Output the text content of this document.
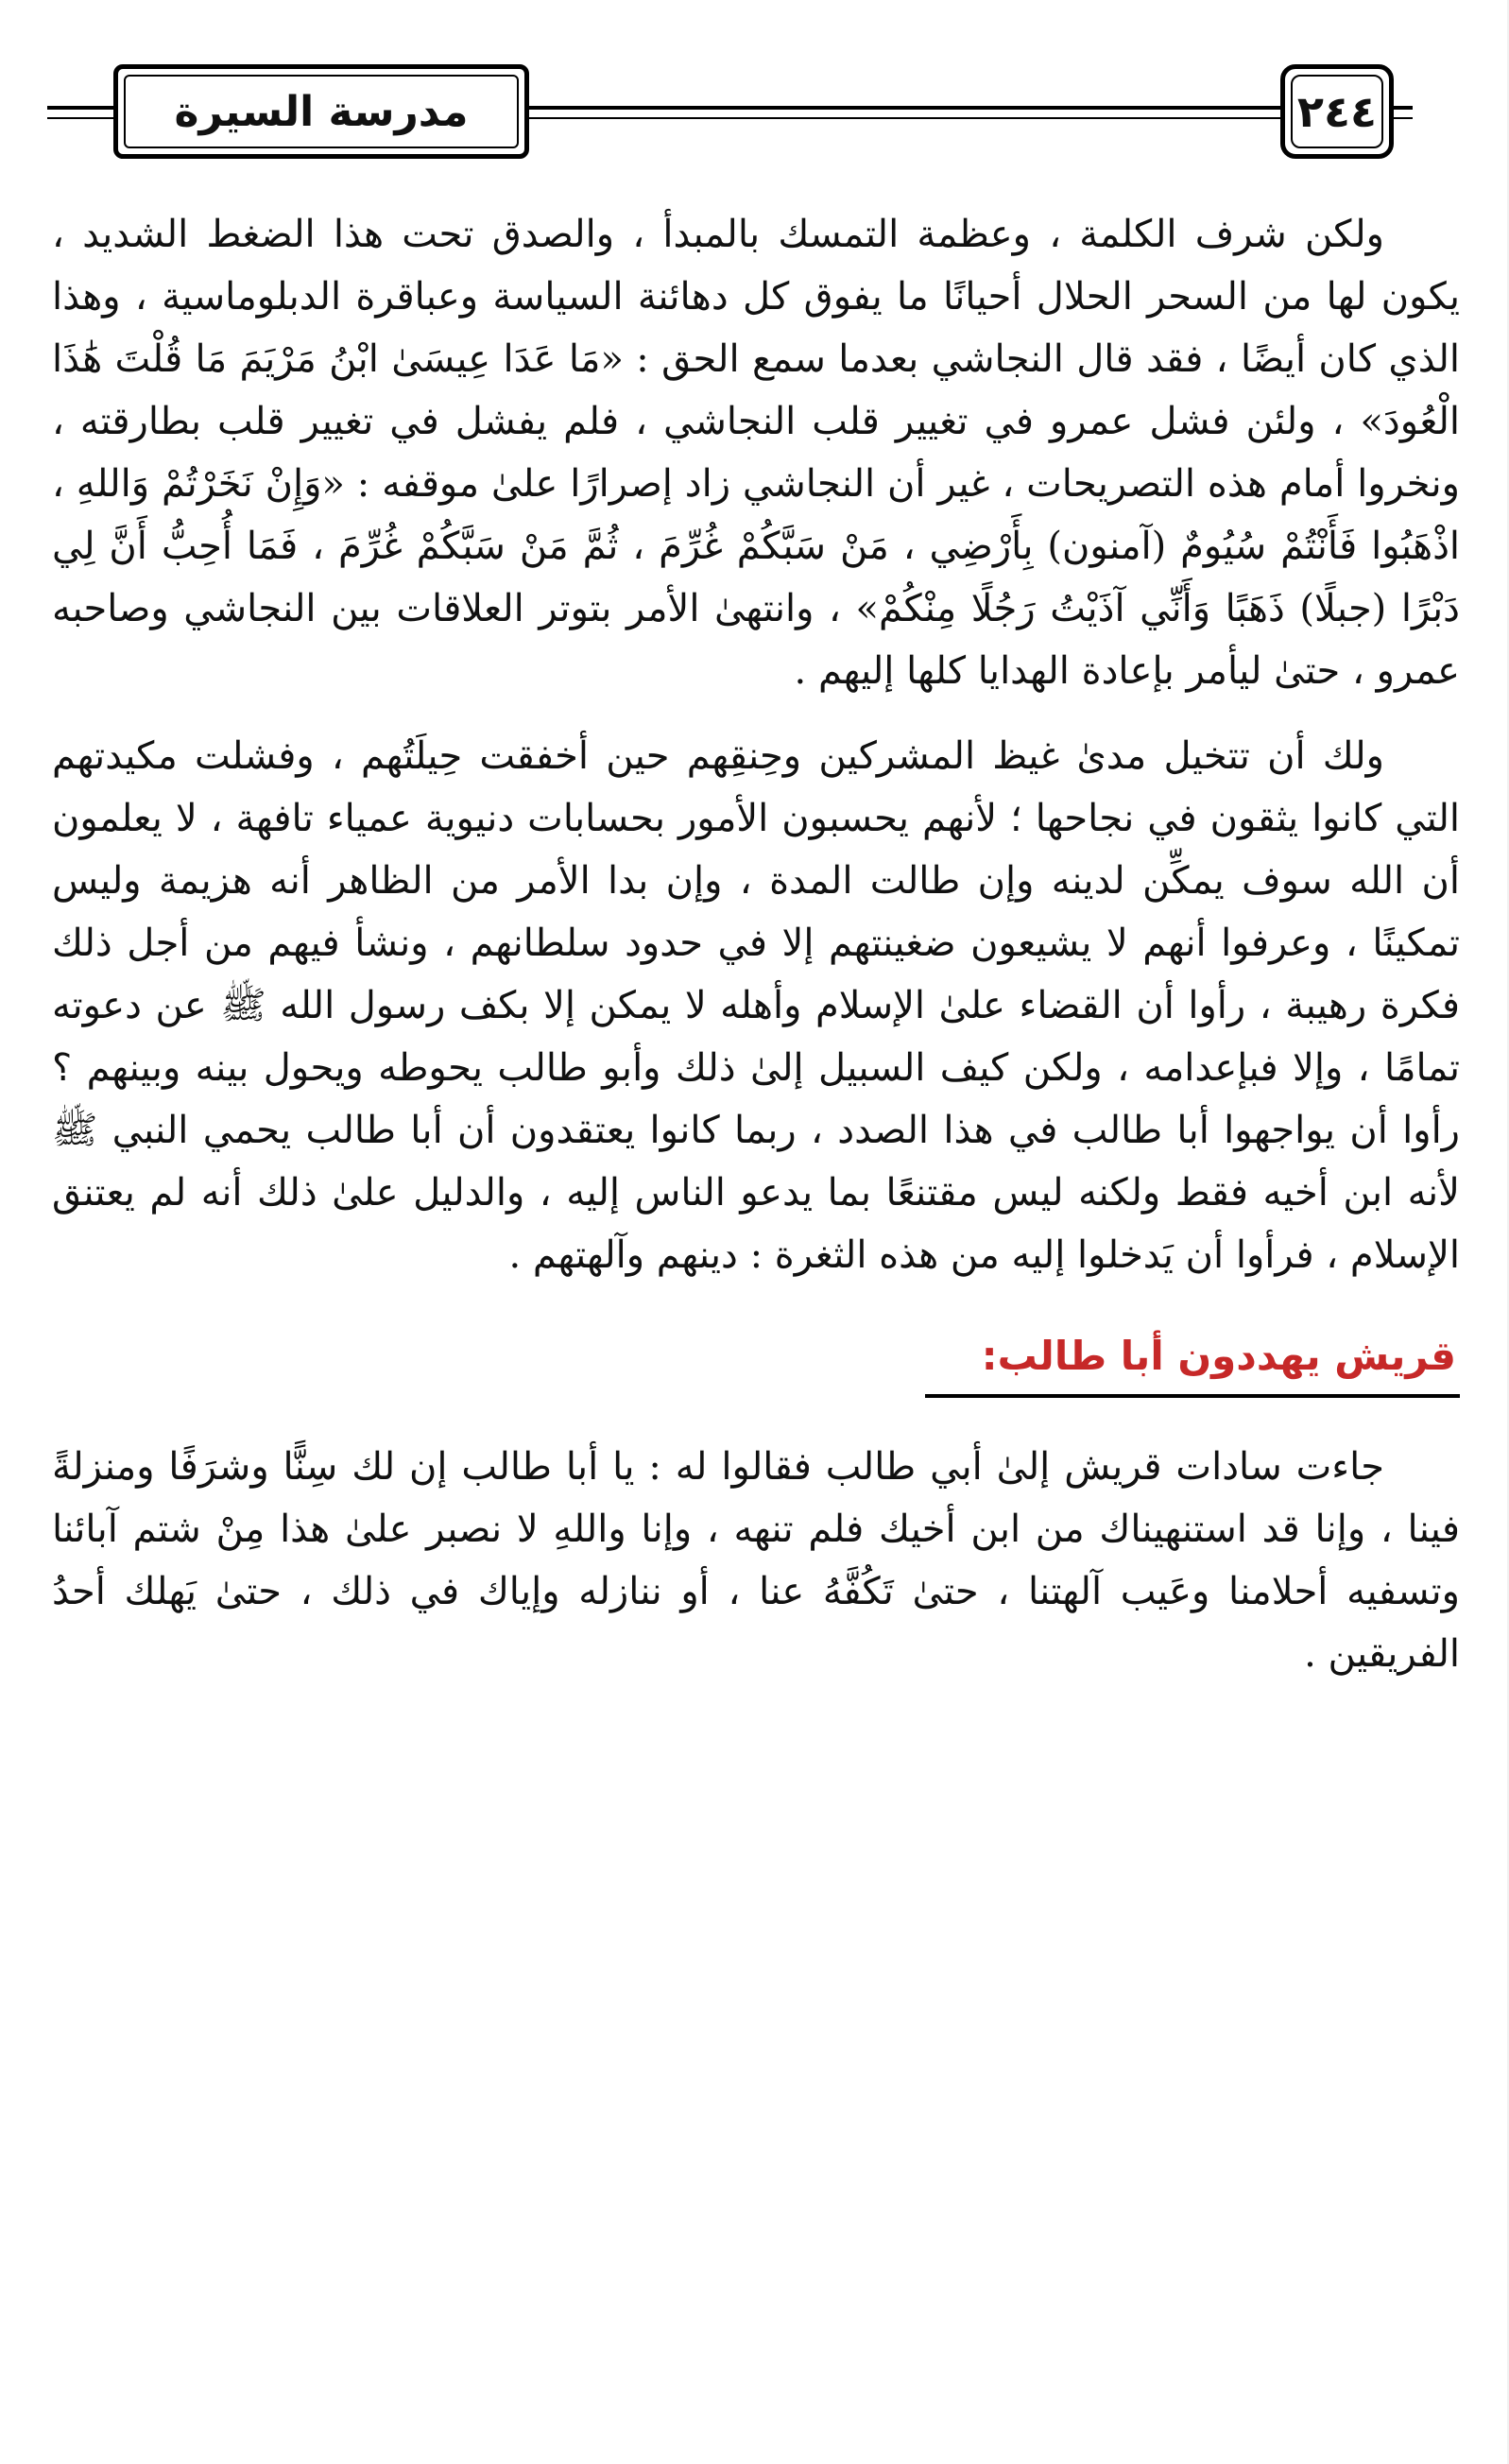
مدرسة السيرة	٢٤٤

ولكن شرف الكلمة ، وعظمة التمسك بالمبدأ ، والصدق تحت هذا الضغط الشديد ، يكون لها من السحر الحلال أحيانًا ما يفوق كل دهائنة السياسة وعباقرة الدبلوماسية ، وهذا الذي كان أيضًا ، فقد قال النجاشي بعدما سمع الحق : «مَا عَدَا عِيسَىٰ ابْنُ مَرْيَمَ مَا قُلْتَ هَٰذَا الْعُودَ» ، ولئن فشل عمرو في تغيير قلب النجاشي ، فلم يفشل في تغيير قلب بطارقته ، ونخروا أمام هذه التصريحات ، غير أن النجاشي زاد إصرارًا علىٰ موقفه : «وَإِنْ نَخَرْتُمْ وَاللهِ ، اذْهَبُوا فَأَنْتُمْ سُيُومٌ (آمنون) بِأَرْضِي ، مَنْ سَبَّكُمْ غُرِّمَ ، ثُمَّ مَنْ سَبَّكُمْ غُرِّمَ ، فَمَا أُحِبُّ أَنَّ لِي دَبْرًا (جبلًا) ذَهَبًا وَأَنِّي آذَيْتُ رَجُلًا مِنْكُمْ» ، وانتهىٰ الأمر بتوتر العلاقات بين النجاشي وصاحبه عمرو ، حتىٰ ليأمر بإعادة الهدايا كلها إليهم .

ولك أن تتخيل مدىٰ غيظ المشركين وحِنقِهم حين أخفقت حِيلَتُهم ، وفشلت مكيدتهم التي كانوا يثقون في نجاحها ؛ لأنهم يحسبون الأمور بحسابات دنيوية عمياء تافهة ، لا يعلمون أن الله سوف يمكِّن لدينه وإن طالت المدة ، وإن بدا الأمر من الظاهر أنه هزيمة وليس تمكينًا ، وعرفوا أنهم لا يشيعون ضغينتهم إلا في حدود سلطانهم ، ونشأ فيهم من أجل ذلك فكرة رهيبة ، رأوا أن القضاء علىٰ الإسلام وأهله لا يمكن إلا بكف رسول الله ﷺ عن دعوته تمامًا ، وإلا فبإعدامه ، ولكن كيف السبيل إلىٰ ذلك وأبو طالب يحوطه ويحول بينه وبينهم ؟ رأوا أن يواجهوا أبا طالب في هذا الصدد ، ربما كانوا يعتقدون أن أبا طالب يحمي النبي ﷺ لأنه ابن أخيه فقط ولكنه ليس مقتنعًا بما يدعو الناس إليه ، والدليل علىٰ ذلك أنه لم يعتنق الإسلام ، فرأوا أن يَدخلوا إليه من هذه الثغرة : دينهم وآلهتهم .

قريش يهددون أبا طالب:

جاءت سادات قريش إلىٰ أبي طالب فقالوا له : يا أبا طالب إن لك سِنًّا وشرَفًا ومنزلةً فينا ، وإنا قد استنهيناك من ابن أخيك فلم تنهه ، وإنا واللهِ لا نصبر علىٰ هذا مِنْ شتم آبائنا وتسفيه أحلامنا وعَيب آلهتنا ، حتىٰ تَكُفَّهُ عنا ، أو ننازله وإياك في ذلك ، حتىٰ يَهلك أحدُ الفريقين .
